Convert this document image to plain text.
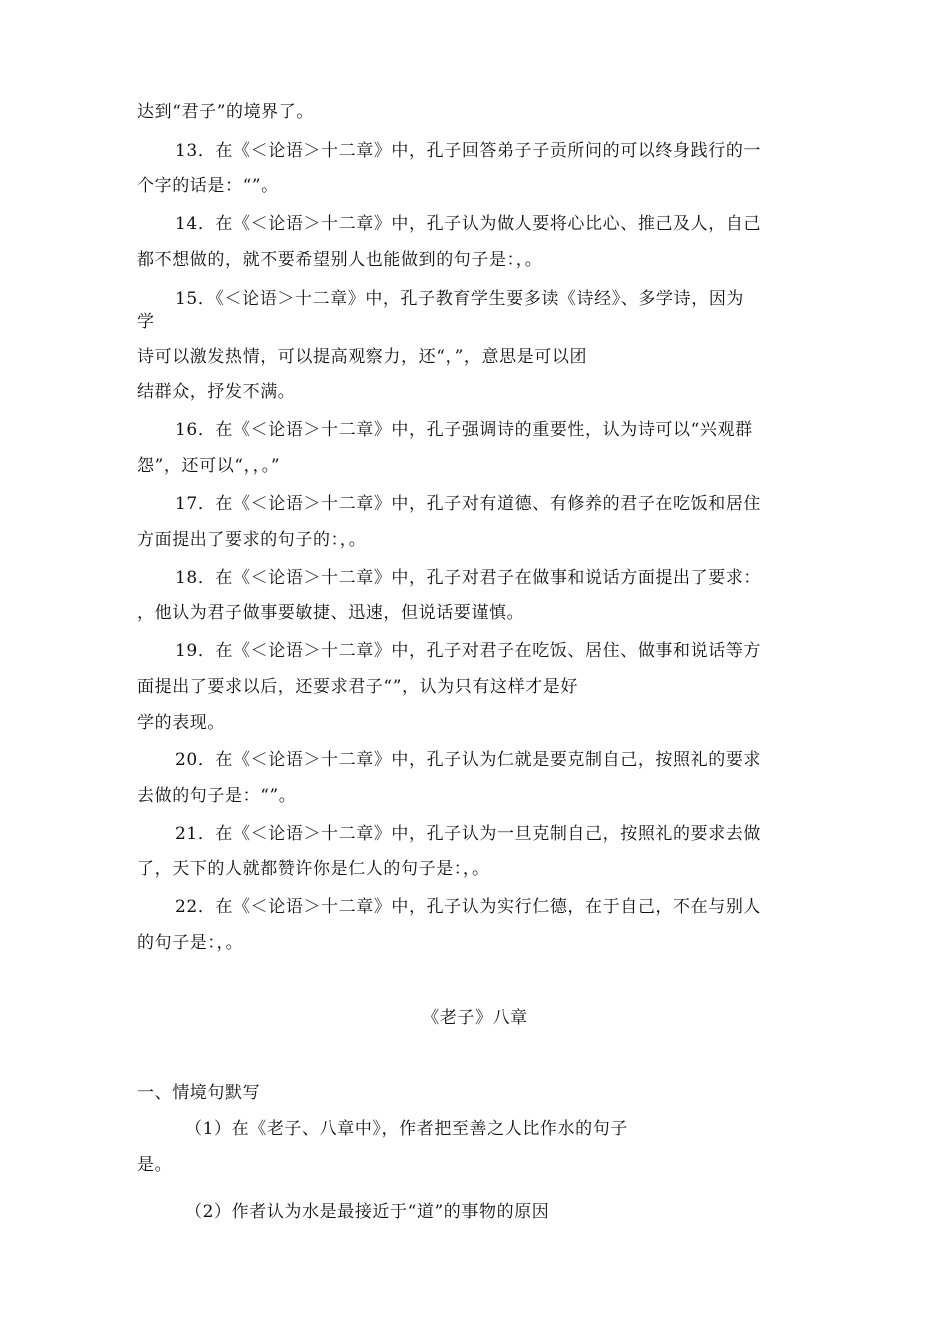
达到“君子”的境界了。
13．在《＜论语＞十二章》中，孔子回答弟子子贡所问的可以终身践行的一
个字的话是：“”。
14．在《＜论语＞十二章》中，孔子认为做人要将心比心、推己及人，自己
都不想做的，就不要希望别人也能做到的句子是：，。
15．《＜论语＞十二章》中，孔子教育学生要多读《诗经》、多学诗，因为
学
诗可以激发热情，可以提高观察力，还“，”，意思是可以团
结群众，抒发不满。
16．在《＜论语＞十二章》中，孔子强调诗的重要性，认为诗可以“兴观群
怨”，还可以“，，。”
17．在《＜论语＞十二章》中，孔子对有道德、有修养的君子在吃饭和居住
方面提出了要求的句子的：，。
18．在《＜论语＞十二章》中，孔子对君子在做事和说话方面提出了要求：
，他认为君子做事要敏捷、迅速，但说话要谨慎。
19．在《＜论语＞十二章》中，孔子对君子在吃饭、居住、做事和说话等方
面提出了要求以后，还要求君子“”，认为只有这样才是好
学的表现。
20．在《＜论语＞十二章》中，孔子认为仁就是要克制自己，按照礼的要求
去做的句子是：“”。
21．在《＜论语＞十二章》中，孔子认为一旦克制自己，按照礼的要求去做
了，天下的人就都赞许你是仁人的句子是：，。
22．在《＜论语＞十二章》中，孔子认为实行仁德，在于自己，不在与别人
的句子是：，。
《老子》八章
一、情境句默写
（1）在《老子、八章中》，作者把至善之人比作水的句子
是。
（2）作者认为水是最接近于“道”的事物的原因
